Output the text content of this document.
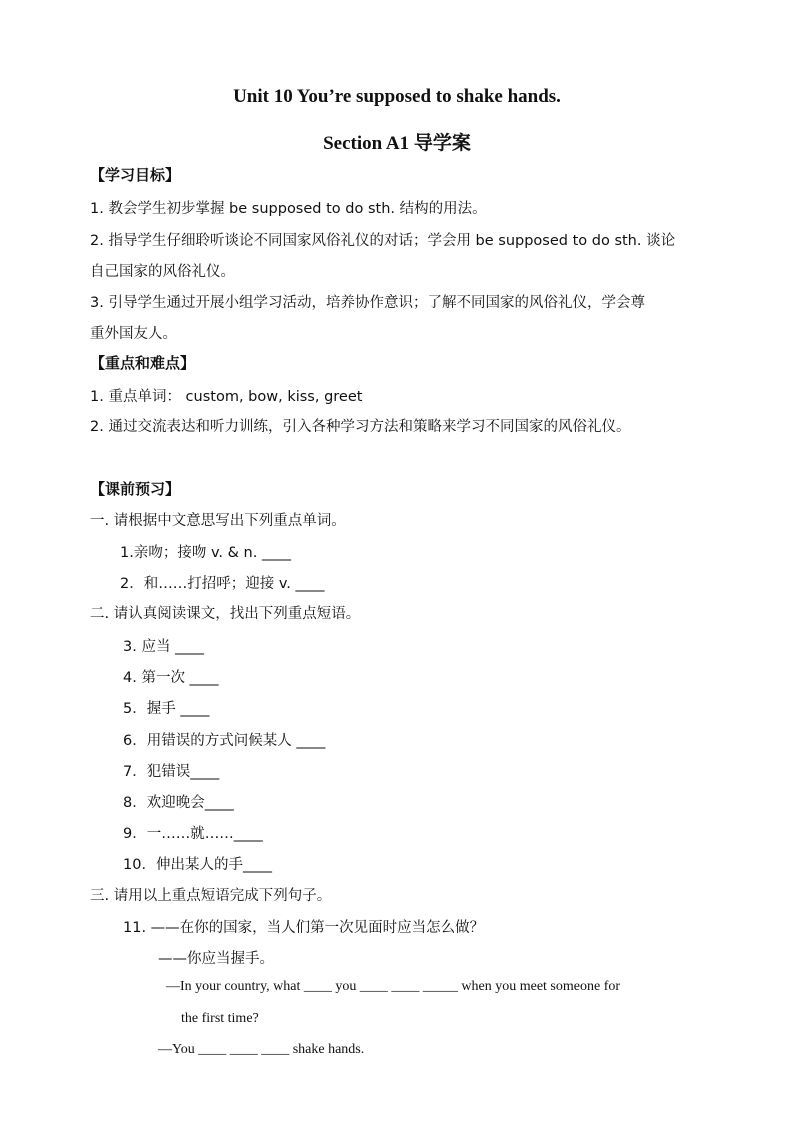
Unit 10 You’re supposed to shake hands.
Section A1 导学案
【学习目标】
1. 教会学生初步掌握 be supposed to do sth. 结构的用法。
2. 指导学生仔细聆听谈论不同国家风俗礼仪的对话；学会用 be supposed to do sth. 谈论
自己国家的风俗礼仪。
3. 引导学生通过开展小组学习活动，培养协作意识；了解不同国家的风俗礼仪，学会尊
重外国友人。
【重点和难点】
1. 重点单词： custom, bow, kiss, greet
2. 通过交流表达和听力训练，引入各种学习方法和策略来学习不同国家的风俗礼仪。
【课前预习】
一. 请根据中文意思写出下列重点单词。
1.亲吻；接吻 v. & n. ____
2．和……打招呼；迎接 v. ____
二. 请认真阅读课文，找出下列重点短语。
3. 应当 ____
4. 第一次 ____
5．握手 ____
6．用错误的方式问候某人 ____
7．犯错误____
8．欢迎晚会____
9．一……就……____
10．伸出某人的手____
三. 请用以上重点短语完成下列句子。
11. ——在你的国家，当人们第一次见面时应当怎么做？
——你应当握手。
—In your country, what ____ you ____ ____ _____ when you meet someone for
the first time?
—You ____ ____ ____ shake hands.
